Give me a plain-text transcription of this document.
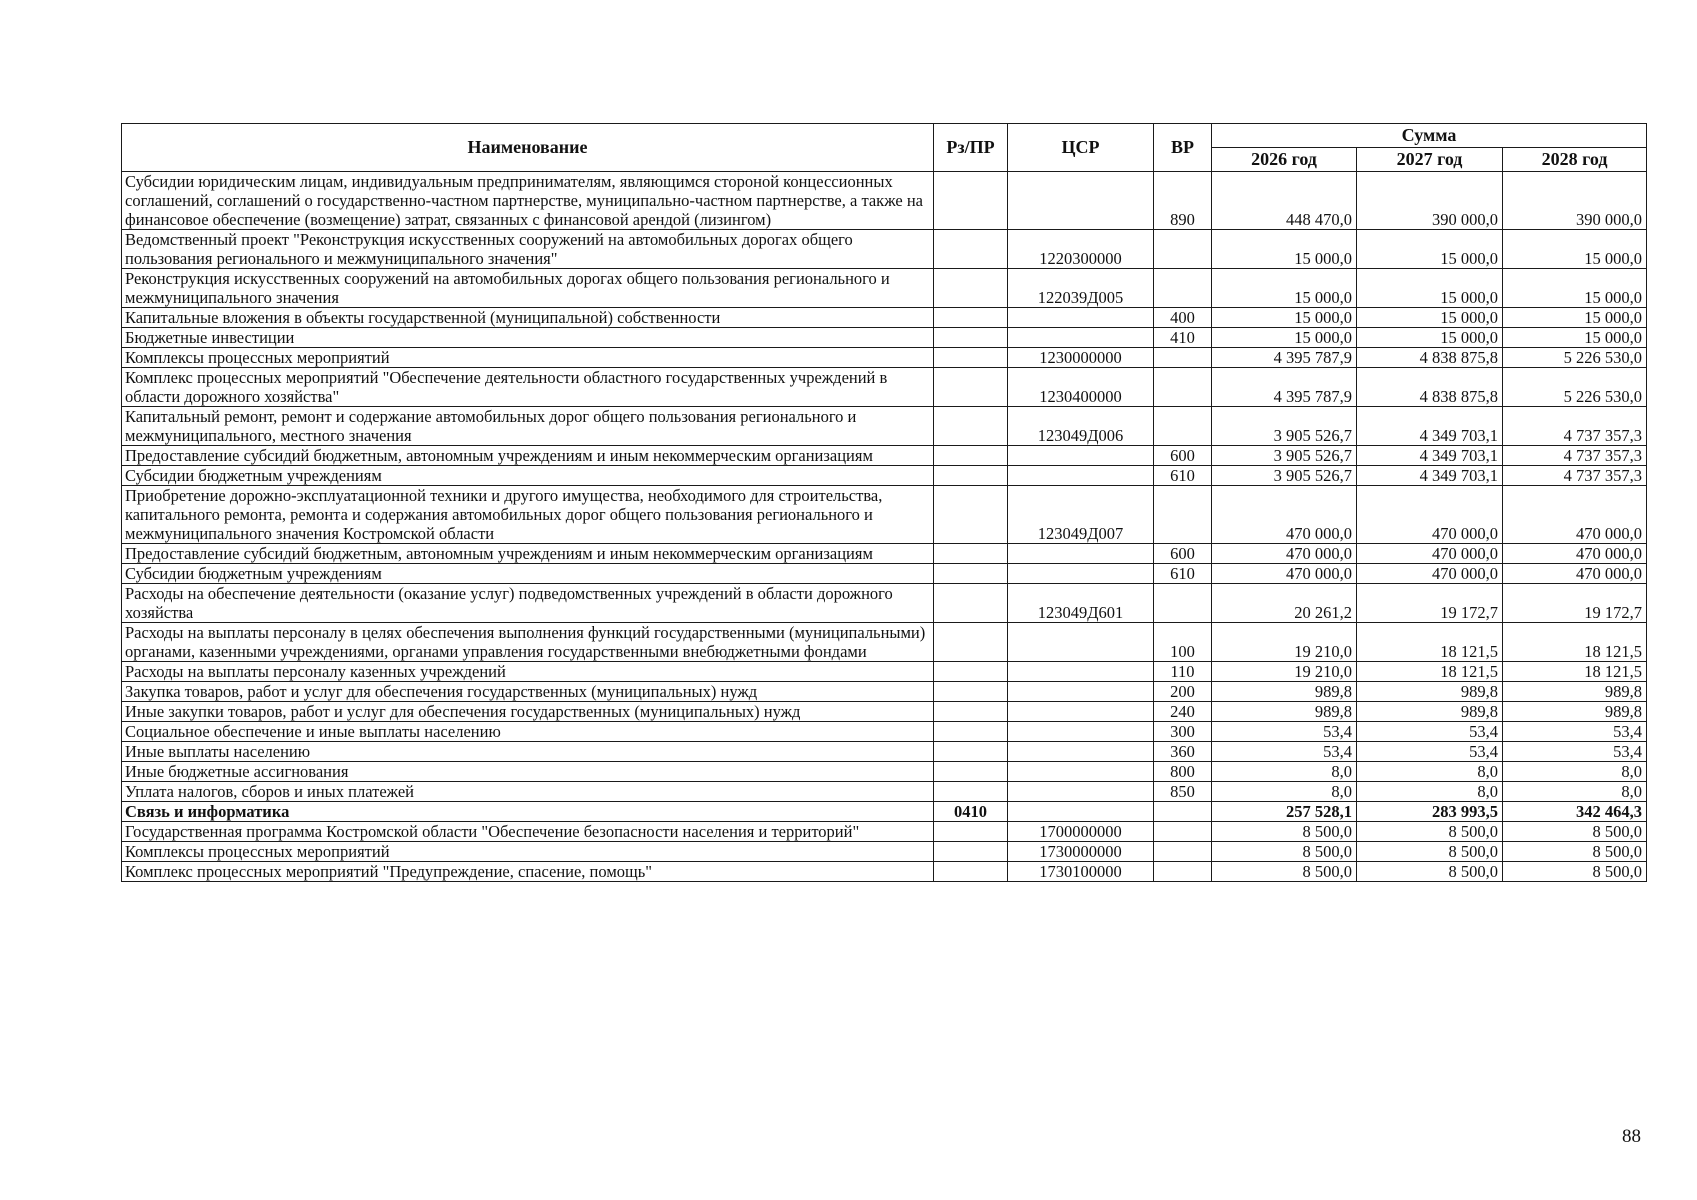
Наименование	Рз/ПР	ЦСР	ВР	Сумма		
				2026 год	2027 год	2028 год
Субсидии юридическим лицам, индивидуальным предпринимателям, являющимся стороной концессионных соглашений, соглашений о государственно-частном партнерстве, муниципально-частном партнерстве, а также на финансовое обеспечение (возмещение) затрат, связанных с финансовой арендой (лизингом)			890	448 470,0	390 000,0	390 000,0
Ведомственный проект "Реконструкция искусственных сооружений на автомобильных дорогах общего пользования регионального и межмуниципального значения"		1220300000		15 000,0	15 000,0	15 000,0
Реконструкция искусственных сооружений на автомобильных дорогах общего пользования регионального и межмуниципального значения		122039Д005		15 000,0	15 000,0	15 000,0
Капитальные вложения в объекты государственной (муниципальной) собственности			400	15 000,0	15 000,0	15 000,0
Бюджетные инвестиции			410	15 000,0	15 000,0	15 000,0
Комплексы процессных мероприятий		1230000000		4 395 787,9	4 838 875,8	5 226 530,0
Комплекс процессных мероприятий "Обеспечение деятельности областного государственных учреждений в области дорожного хозяйства"		1230400000		4 395 787,9	4 838 875,8	5 226 530,0
Капитальный ремонт, ремонт и содержание автомобильных дорог общего пользования регионального и межмуниципального, местного значения		123049Д006		3 905 526,7	4 349 703,1	4 737 357,3
Предоставление субсидий бюджетным, автономным учреждениям и иным некоммерческим организациям			600	3 905 526,7	4 349 703,1	4 737 357,3
Субсидии бюджетным учреждениям			610	3 905 526,7	4 349 703,1	4 737 357,3
Приобретение дорожно-эксплуатационной техники и другого имущества, необходимого для строительства, капитального ремонта, ремонта и содержания автомобильных дорог общего пользования регионального и межмуниципального значения Костромской области		123049Д007		470 000,0	470 000,0	470 000,0
Предоставление субсидий бюджетным, автономным учреждениям и иным некоммерческим организациям			600	470 000,0	470 000,0	470 000,0
Субсидии бюджетным учреждениям			610	470 000,0	470 000,0	470 000,0
Расходы на обеспечение деятельности (оказание услуг) подведомственных учреждений в области дорожного хозяйства		123049Д601		20 261,2	19 172,7	19 172,7
Расходы на выплаты персоналу в целях обеспечения выполнения функций государственными (муниципальными) органами, казенными учреждениями, органами управления государственными внебюджетными фондами			100	19 210,0	18 121,5	18 121,5
Расходы на выплаты персоналу казенных учреждений			110	19 210,0	18 121,5	18 121,5
Закупка товаров, работ и услуг для обеспечения государственных (муниципальных) нужд			200	989,8	989,8	989,8
Иные закупки товаров, работ и услуг для обеспечения государственных (муниципальных) нужд			240	989,8	989,8	989,8
Социальное обеспечение и иные выплаты населению			300	53,4	53,4	53,4
Иные выплаты населению			360	53,4	53,4	53,4
Иные бюджетные ассигнования			800	8,0	8,0	8,0
Уплата налогов, сборов и иных платежей			850	8,0	8,0	8,0
Связь и информатика	0410			257 528,1	283 993,5	342 464,3
Государственная программа Костромской области "Обеспечение безопасности населения и территорий"		1700000000		8 500,0	8 500,0	8 500,0
Комплексы процессных мероприятий		1730000000		8 500,0	8 500,0	8 500,0
Комплекс процессных мероприятий "Предупреждение, спасение, помощь"		1730100000		8 500,0	8 500,0	8 500,0
88
